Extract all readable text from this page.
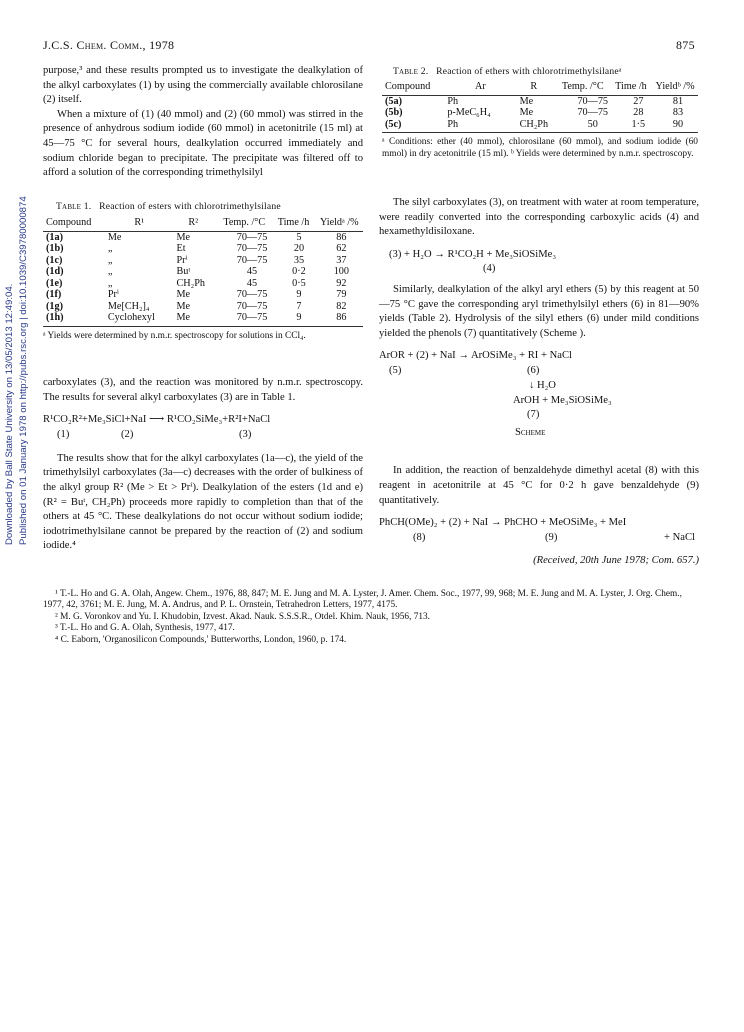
J.C.S. Chem. Comm., 1978	875
Downloaded by Ball State University on 13/05/2013 12:49:04. Published on 01 January 1978 on http://pubs.rsc.org | doi:10.1039/C39780000874

purpose,³ and these results prompted us to investigate the dealkylation of the alkyl carboxylates (1) by using the commercially available chlorosilane (2) itself.

When a mixture of (1) (40 mmol) and (2) (60 mmol) was stirred in the presence of anhydrous sodium iodide (60 mmol) in acetonitrile (15 ml) at 45—75 °C for several hours, dealkylation occurred immediately and sodium chloride began to precipitate. The precipitate was filtered off to afford a solution of the corresponding trimethylsilyl

Table 1. Reaction of esters with chlorotrimethylsilane
Compound	R¹	R²	Temp. /°C	Time /h	Yieldᵃ /%
(1a)	Me	Me	70—75	5	86
(1b)	„	Et	70—75	20	62
(1c)	„	Prⁱ	70—75	35	37
(1d)	„	Buᵗ	45	0·2	100
(1e)	„	CH₂Ph	45	0·5	92
(1f)	Prⁱ	Me	70—75	9	79
(1g)	Me[CH₂]₄	Me	70—75	7	82
(1h)	Cyclohexyl	Me	70—75	9	86
ᵃ Yields were determined by n.m.r. spectroscopy for solutions in CCl₄.

carboxylates (3), and the reaction was monitored by n.m.r. spectroscopy. The results for several alkyl carboxylates (3) are in Table 1.

R¹CO₂R²+Me₃SiCl+NaI ⟶ R¹CO₂SiMe₃+R²I+NaCl
(1)	(2)	(3)

The results show that for the alkyl carboxylates (1a—c), the yield of the trimethylsilyl carboxylates (3a—c) decreases with the order of bulkiness of the alkyl group R² (Me > Et > Prⁱ). Dealkylation of the esters (1d and e) (R² = Buᵗ, CH₂Ph) proceeds more rapidly to completion than that of the others at 45 °C. These dealkylations do not occur without sodium iodide; iodotrimethylsilane cannot be prepared by the reaction of (2) and sodium iodide.⁴

Table 2. Reaction of ethers with chlorotrimethylsilaneᵃ
Compound	Ar	R	Temp. /°C	Time /h	Yieldᵇ /%
(5a)	Ph	Me	70—75	27	81
(5b)	p-MeC₆H₄	Me	70—75	28	83
(5c)	Ph	CH₂Ph	50	1·5	90
ᵃ Conditions: ether (40 mmol), chlorosilane (60 mmol), and sodium iodide (60 mmol) in dry acetonitrile (15 ml). ᵇ Yields were determined by n.m.r. spectroscopy.

The silyl carboxylates (3), on treatment with water at room temperature, were readily converted into the corresponding carboxylic acids (4) and hexamethyldisiloxane.

(3) + H₂O → R¹CO₂H + Me₃SiOSiMe₃
(4)

Similarly, dealkylation of the alkyl aryl ethers (5) by this reagent at 50—75 °C gave the corresponding aryl trimethylsilyl ethers (6) in 81—90% yields (Table 2). Hydrolysis of the silyl ethers (6) under mild conditions yielded the phenols (7) quantitatively (Scheme ).

ArOR + (2) + NaI → ArOSiMe₃ + RI + NaCl
(5)	(6)
↓ H₂O
ArOH + Me₃SiOSiMe₃
(7)
Scheme

In addition, the reaction of benzaldehyde dimethyl acetal (8) with this reagent in acetonitrile at 45 °C for 0·2 h gave benzaldehyde (9) quantitatively.

PhCH(OMe)₂ + (2) + NaI → PhCHO + MeOSiMe₃ + MeI
(8)	(9)	+ NaCl
(Received, 20th June 1978; Com. 657.)

¹ T.-L. Ho and G. A. Olah, Angew. Chem., 1976, 88, 847; M. E. Jung and M. A. Lyster, J. Amer. Chem. Soc., 1977, 99, 968; M. E. Jung and M. A. Lyster, J. Org. Chem., 1977, 42, 3761; M. E. Jung, M. A. Andrus, and P. L. Ornstein, Tetrahedron Letters, 1977, 4175.

² M. G. Voronkov and Yu. I. Khudobin, Izvest. Akad. Nauk. S.S.S.R., Otdel. Khim. Nauk, 1956, 713.

³ T.-L. Ho and G. A. Olah, Synthesis, 1977, 417.

⁴ C. Eaborn, 'Organosilicon Compounds,' Butterworths, London, 1960, p. 174.
